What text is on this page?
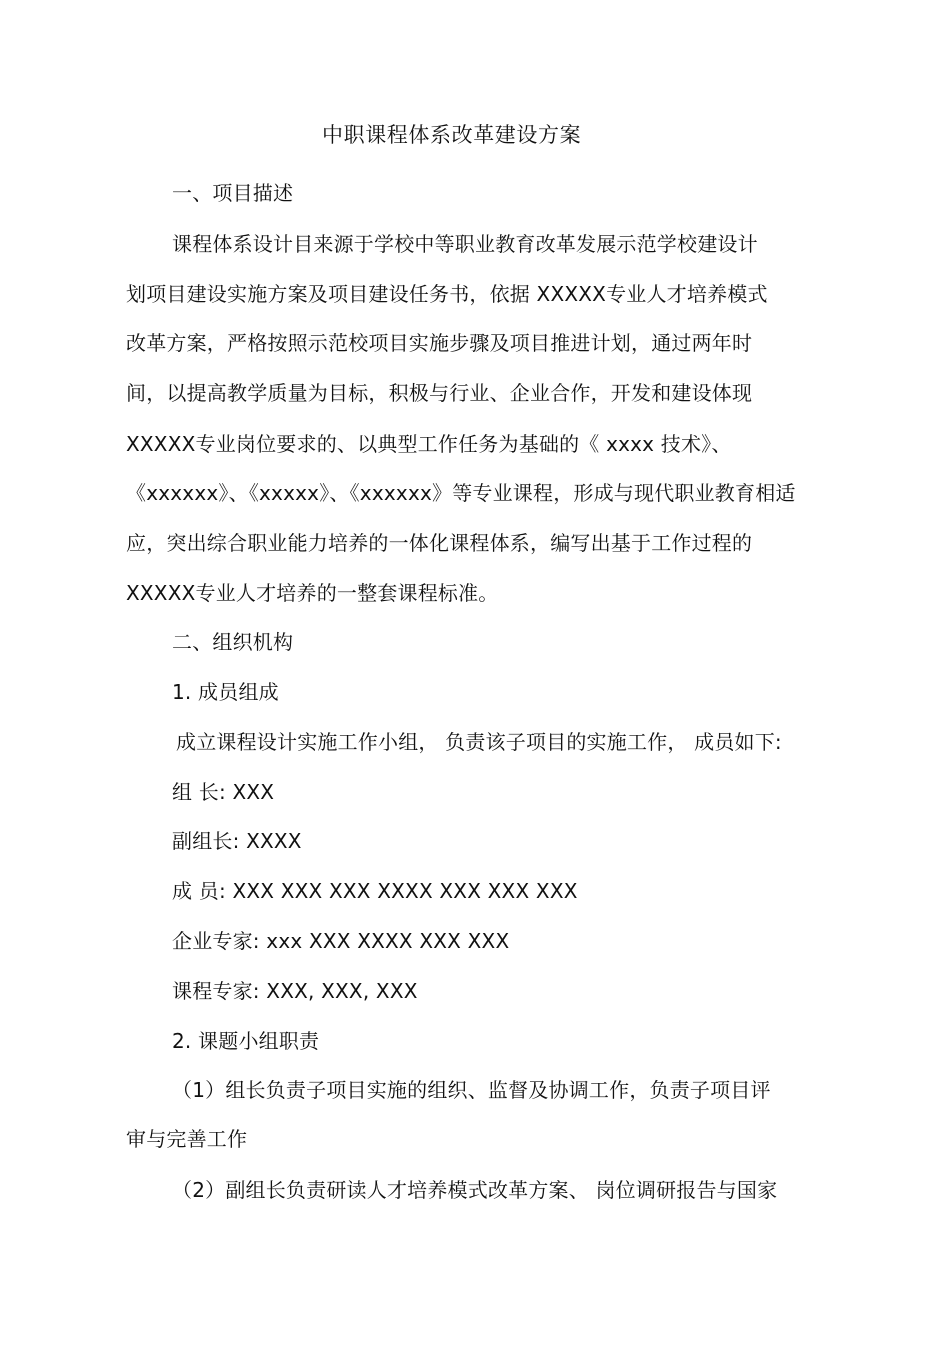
中职课程体系改革建设方案
一、项目描述
课程体系设计目来源于学校中等职业教育改革发展示范学校建设计
划项目建设实施方案及项目建设任务书，依据 XXXXX专业人才培养模式
改革方案，严格按照示范校项目实施步骤及项目推进计划，通过两年时
间，以提高教学质量为目标，积极与行业、企业合作，开发和建设体现
XXXXX专业岗位要求的、以典型工作任务为基础的《 xxxx 技术》、
《xxxxxx》、《xxxxx》、《xxxxxx》等专业课程，形成与现代职业教育相适
应，突出综合职业能力培养的一体化课程体系，编写出基于工作过程的
XXXXX专业人才培养的一整套课程标准。
二、组织机构
1. 成员组成
成立课程设计实施工作小组， 负责该子项目的实施工作， 成员如下:
组 长: XXX
副组长: XXXX
成 员: XXX XXX XXX XXXX XXX XXX XXX
企业专家: xxx XXX XXXX XXX XXX
课程专家: XXX, XXX, XXX
2. 课题小组职责
（1）组长负责子项目实施的组织、监督及协调工作，负责子项目评
审与完善工作
（2）副组长负责研读人才培养模式改革方案、 岗位调研报告与国家
